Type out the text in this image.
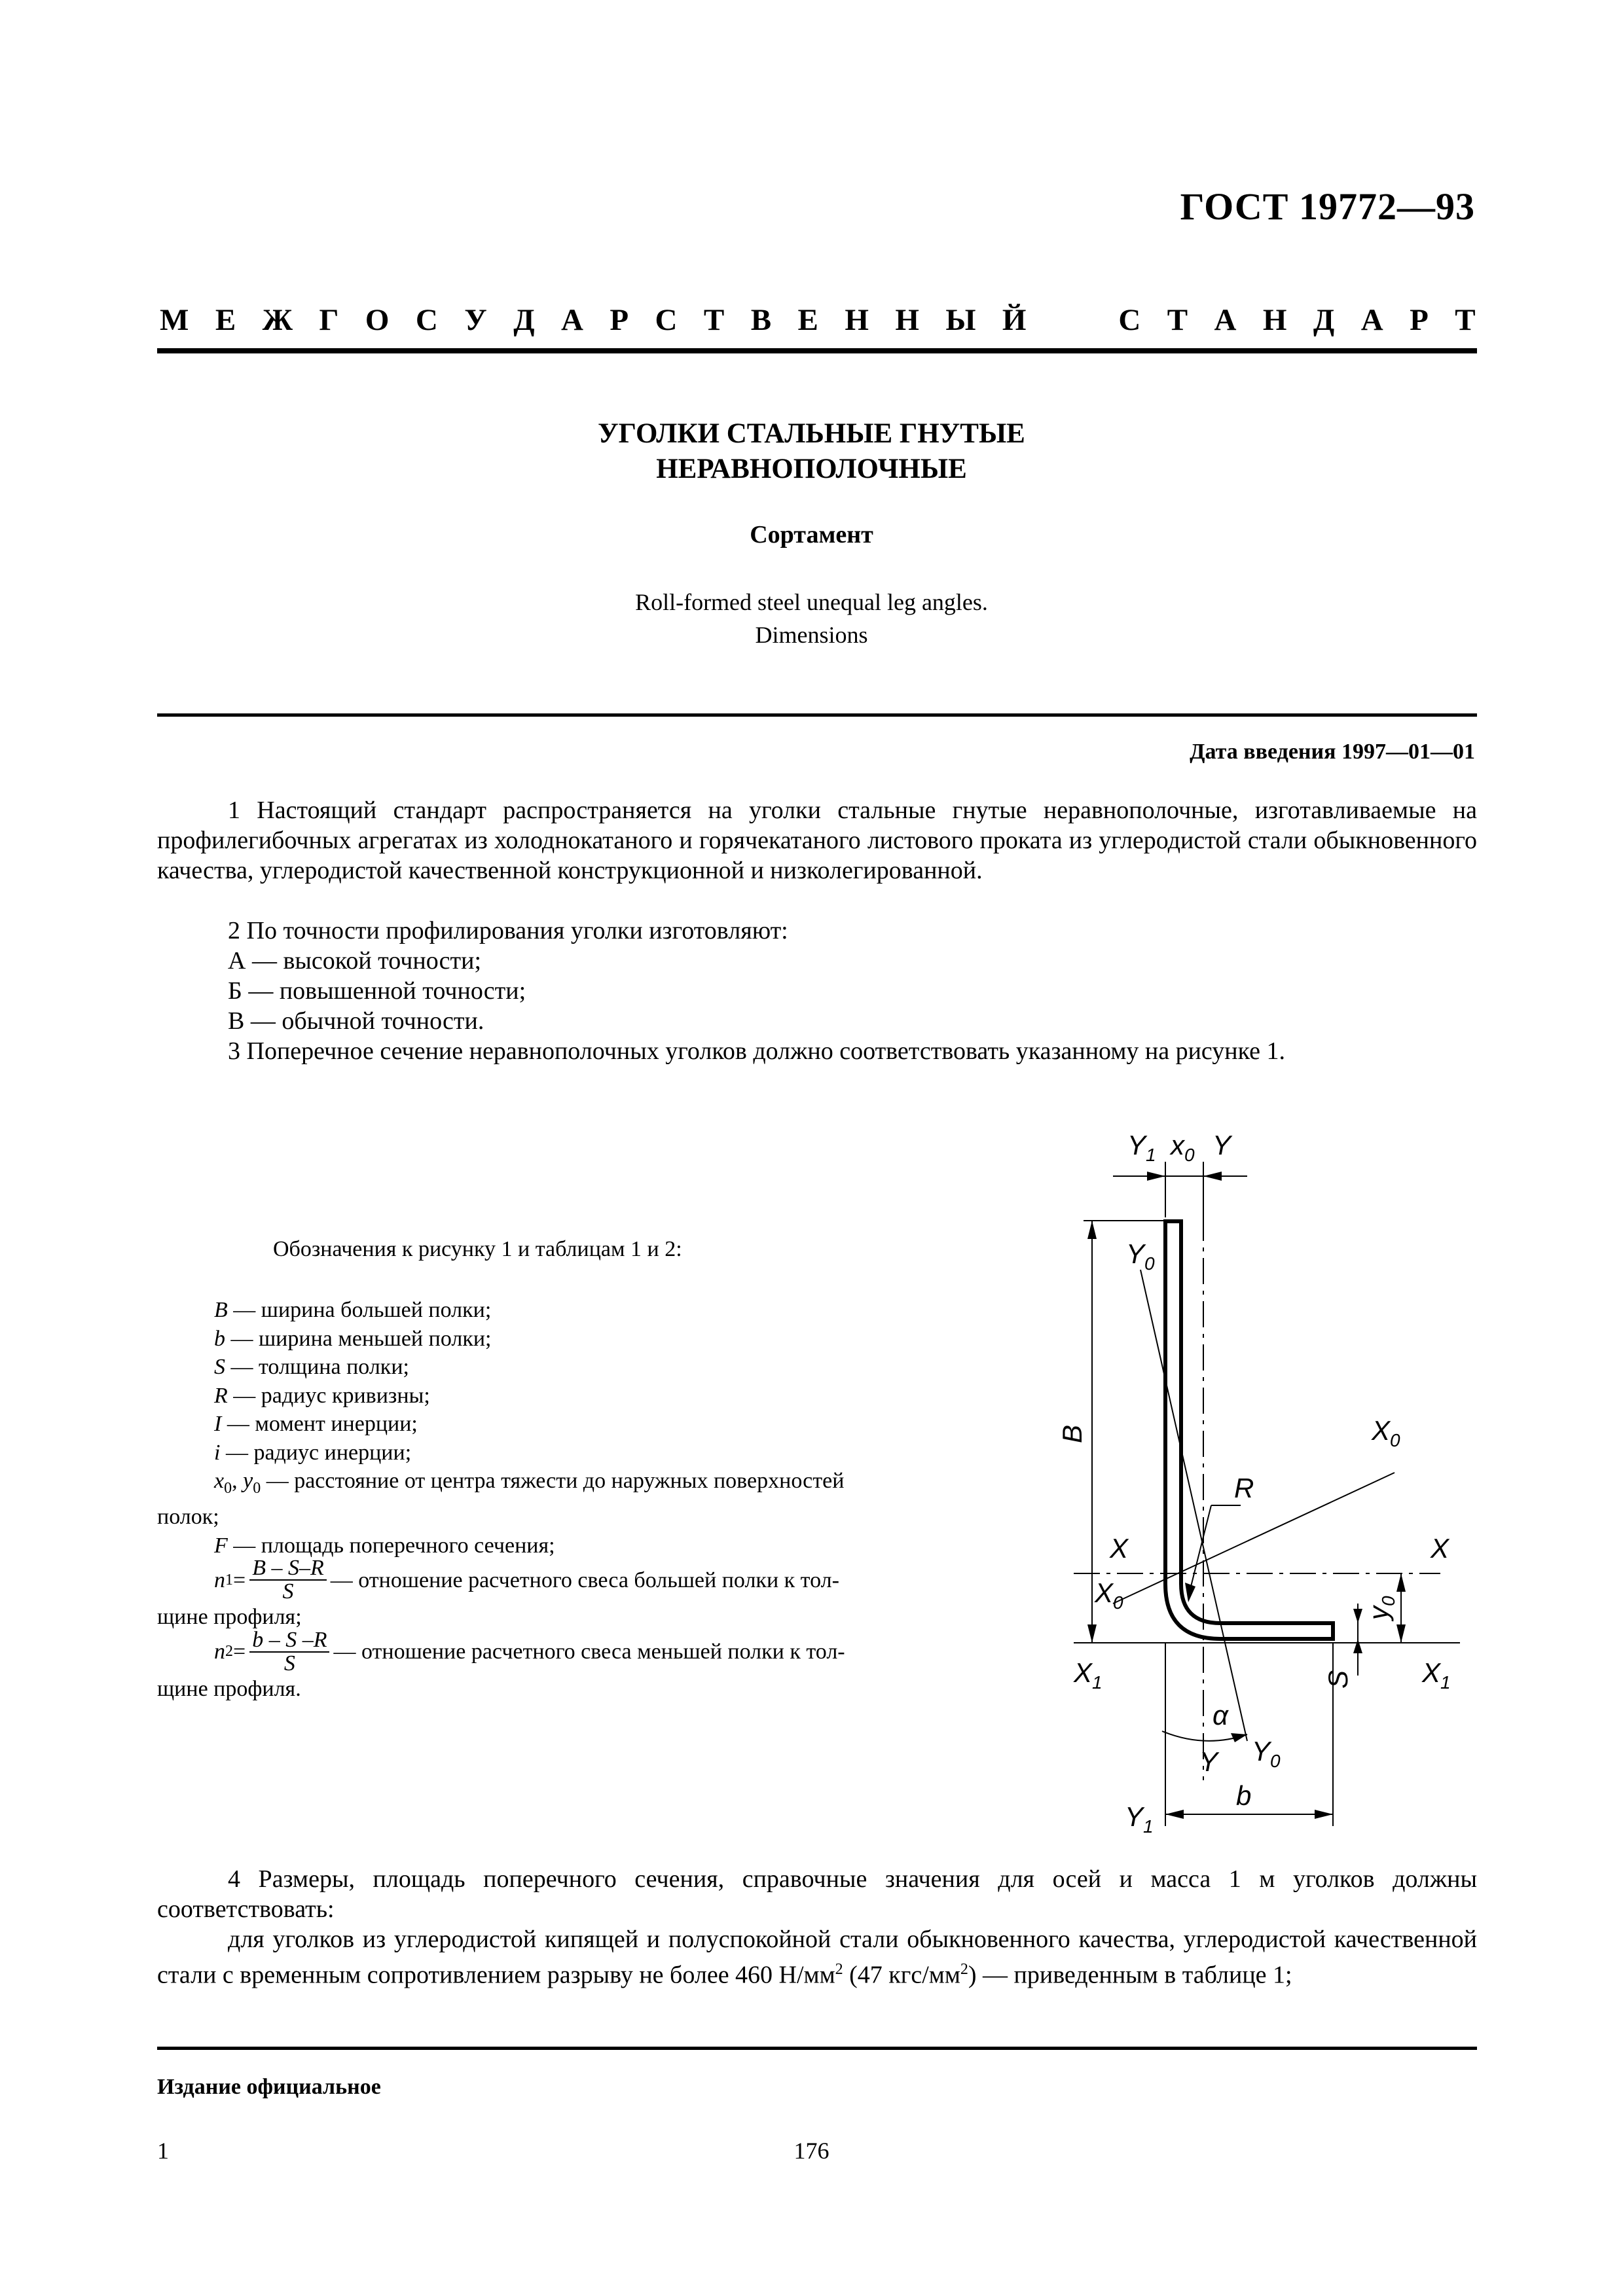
ГОСТ 19772—93
М Е Ж Г О С У Д А Р С Т В Е Н Н Ы Й	С Т А Н Д А Р Т
УГОЛКИ СТАЛЬНЫЕ ГНУТЫЕ
НЕРАВНОПОЛОЧНЫЕ
Сортамент
Roll-formed steel unequal leg angles.
Dimensions
Дата введения 1997—01—01
1 Настоящий стандарт распространяется на уголки стальные гнутые неравнополочные, изготавливаемые на профилегибочных агрегатах из холоднокатаного и горячекатаного листового проката из углеродистой стали обыкновенного качества, углеродистой качественной конструкционной и низколегированной.
2 По точности профилирования уголки изготовляют:
А — высокой точности;
Б — повышенной точности;
В — обычной точности.
3 Поперечное сечение неравнополочных уголков должно соответствовать указанному на рисунке 1.
Обозначения к рисунку 1 и таблицам 1 и 2:
B — ширина большей полки;
b — ширина меньшей полки;
S — толщина полки;
R — радиус кривизны;
I — момент инерции;
i — радиус инерции;
$x_0$, $y_0$ — расстояние от центра тяжести до наружных поверхностей
полок;
F — площадь поперечного сечения;
n $1 = \frac{B - S-R}{S}$ — отношение расчетного свеса большей полки к тол-
щине профиля;
n $2 = \frac{b - S -R}{S}$ — отношение расчетного свеса меньшей полки к тол-
щине профиля.
$Y_1$ $x_0$ Y
$Y_0$
B	$X_0$
R
X	X
$X_0$
$y_0$
$X_1$	S	$X_1$
α
Y $Y_0$
$Y_1$
b
4 Размеры, площадь поперечного сечения, справочные значения для осей и масса 1 м уголков должны соответствовать:
для уголков из углеродистой кипящей и полуспокойной стали обыкновенного качества, углеродистой качественной стали с временным сопротивлением разрыву не более 460 $Н/мм^2$ (47 кгс/$мм^2$) — приведенным в таблице 1;
Издание официальное
1	176
